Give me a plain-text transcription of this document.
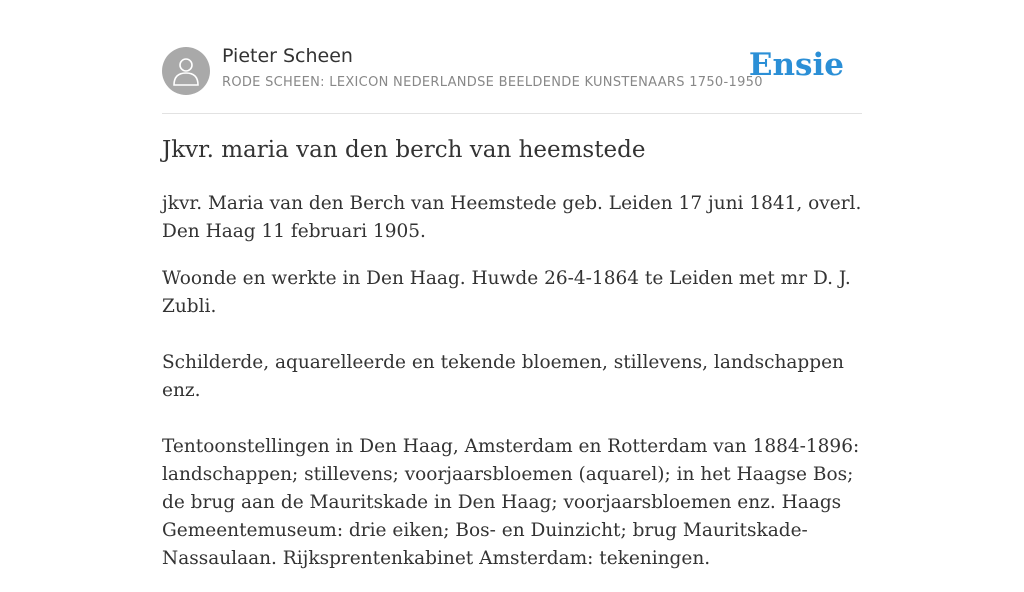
Pieter Scheen
RODE SCHEEN: LEXICON NEDERLANDSE BEELDENDE KUNSTENAARS 1750-1950
Ensie
Jkvr. maria van den berch van heemstede

jkvr. Maria van den Berch van Heemstede geb. Leiden 17 juni 1841, overl. Den Haag 11 februari 1905.

Woonde en werkte in Den Haag. Huwde 26-4-1864 te Leiden met mr D. J. Zubli.

Schilderde, aquarelleerde en tekende bloemen, stillevens, landschappen enz.

Tentoonstellingen in Den Haag, Amsterdam en Rotterdam van 1884-1896: landschappen; stillevens; voorjaarsbloemen (aquarel); in het Haagse Bos; de brug aan de Mauritskade in Den Haag; voorjaarsbloemen enz. Haags Gemeentemuseum: drie eiken; Bos- en Duinzicht; brug Mauritskade-Nassaulaan. Rijksprentenkabinet Amsterdam: tekeningen.
